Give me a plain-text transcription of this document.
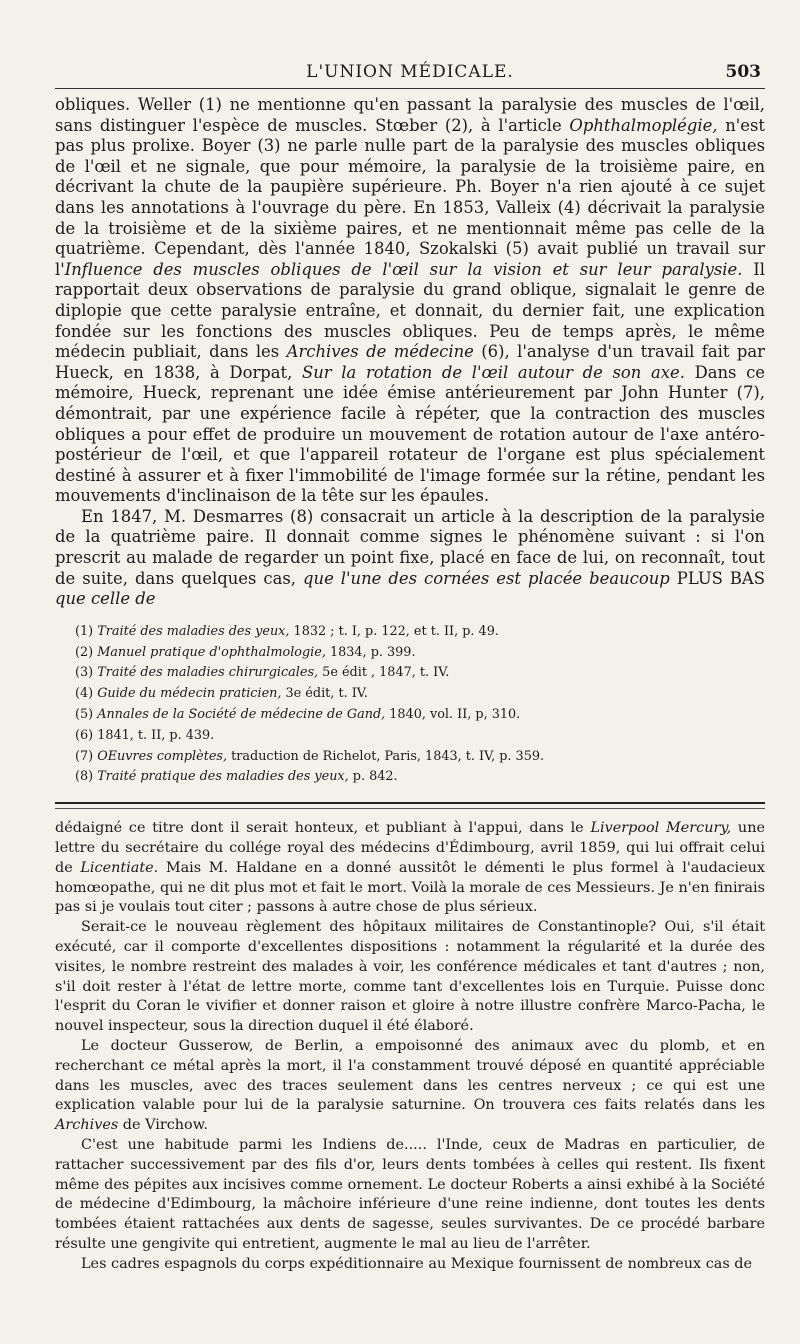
L'UNION MÉDICALE.	503

obliques. Weller (1) ne mentionne qu'en passant la paralysie des muscles de l'œil, sans distinguer l'espèce de muscles. Stœber (2), à l'article Ophthalmoplégie, n'est pas plus prolixe. Boyer (3) ne parle nulle part de la paralysie des muscles obliques de l'œil et ne signale, que pour mémoire, la paralysie de la troisième paire, en décrivant la chute de la paupière supérieure. Ph. Boyer n'a rien ajouté à ce sujet dans les annotations à l'ouvrage du père. En 1853, Valleix (4) décrivait la paralysie de la troisième et de la sixième paires, et ne mentionnait même pas celle de la quatrième. Cependant, dès l'année 1840, Szokalski (5) avait publié un travail sur l'Influence des muscles obliques de l'œil sur la vision et sur leur paralysie. Il rapportait deux observations de paralysie du grand oblique, signalait le genre de diplopie que cette paralysie entraîne, et donnait, du dernier fait, une explication fondée sur les fonctions des muscles obliques. Peu de temps après, le même médecin publiait, dans les Archives de médecine (6), l'analyse d'un travail fait par Hueck, en 1838, à Dorpat, Sur la rotation de l'œil autour de son axe. Dans ce mémoire, Hueck, reprenant une idée émise antérieurement par John Hunter (7), démontrait, par une expérience facile à répéter, que la contraction des muscles obliques a pour effet de produire un mouvement de rotation autour de l'axe antéro-postérieur de l'œil, et que l'appareil rotateur de l'organe est plus spécialement destiné à assurer et à fixer l'immobilité de l'image formée sur la rétine, pendant les mouvements d'inclinaison de la tête sur les épaules.

En 1847, M. Desmarres (8) consacrait un article à la description de la paralysie de la quatrième paire. Il donnait comme signes le phénomène suivant : si l'on prescrit au malade de regarder un point fixe, placé en face de lui, on reconnaît, tout de suite, dans quelques cas, que l'une des cornées est placée beaucoup PLUS BAS que celle de

(1) Traité des maladies des yeux, 1832 ; t. I, p. 122, et t. II, p. 49.
(2) Manuel pratique d'ophthalmologie, 1834, p. 399.
(3) Traité des maladies chirurgicales, 5e édit , 1847, t. IV.
(4) Guide du médecin praticien, 3e édit, t. IV.
(5) Annales de la Société de médecine de Gand, 1840, vol. II, p, 310.
(6) 1841, t. II, p. 439.
(7) OEuvres complètes, traduction de Richelot, Paris, 1843, t. IV, p. 359.
(8) Traité pratique des maladies des yeux, p. 842.

dédaigné ce titre dont il serait honteux, et publiant à l'appui, dans le Liverpool Mercury, une lettre du secrétaire du collége royal des médecins d'Édimbourg, avril 1859, qui lui offrait celui de Licentiate. Mais M. Haldane en a donné aussitôt le démenti le plus formel à l'audacieux homœopathe, qui ne dit plus mot et fait le mort. Voilà la morale de ces Messieurs. Je n'en finirais pas si je voulais tout citer ; passons à autre chose de plus sérieux.

Serait-ce le nouveau règlement des hôpitaux militaires de Constantinople? Oui, s'il était exécuté, car il comporte d'excellentes dispositions : notamment la régularité et la durée des visites, le nombre restreint des malades à voir, les conférence médicales et tant d'autres ; non, s'il doit rester à l'état de lettre morte, comme tant d'excellentes lois en Turquie. Puisse donc l'esprit du Coran le vivifier et donner raison et gloire à notre illustre confrère Marco-Pacha, le nouvel inspecteur, sous la direction duquel il été élaboré.

Le docteur Gusserow, de Berlin, a empoisonné des animaux avec du plomb, et en recherchant ce métal après la mort, il l'a constamment trouvé déposé en quantité appréciable dans les muscles, avec des traces seulement dans les centres nerveux ; ce qui est une explication valable pour lui de la paralysie saturnine. On trouvera ces faits relatés dans les Archives de Virchow.

C'est une habitude parmi les Indiens de..... l'Inde, ceux de Madras en particulier, de rattacher successivement par des fils d'or, leurs dents tombées à celles qui restent. Ils fixent même des pépites aux incisives comme ornement. Le docteur Roberts a ainsi exhibé à la Société de médecine d'Edimbourg, la mâchoire inférieure d'une reine indienne, dont toutes les dents tombées étaient rattachées aux dents de sagesse, seules survivantes. De ce procédé barbare résulte une gengivite qui entretient, augmente le mal au lieu de l'arrêter.

Les cadres espagnols du corps expéditionnaire au Mexique fournissent de nombreux cas de
